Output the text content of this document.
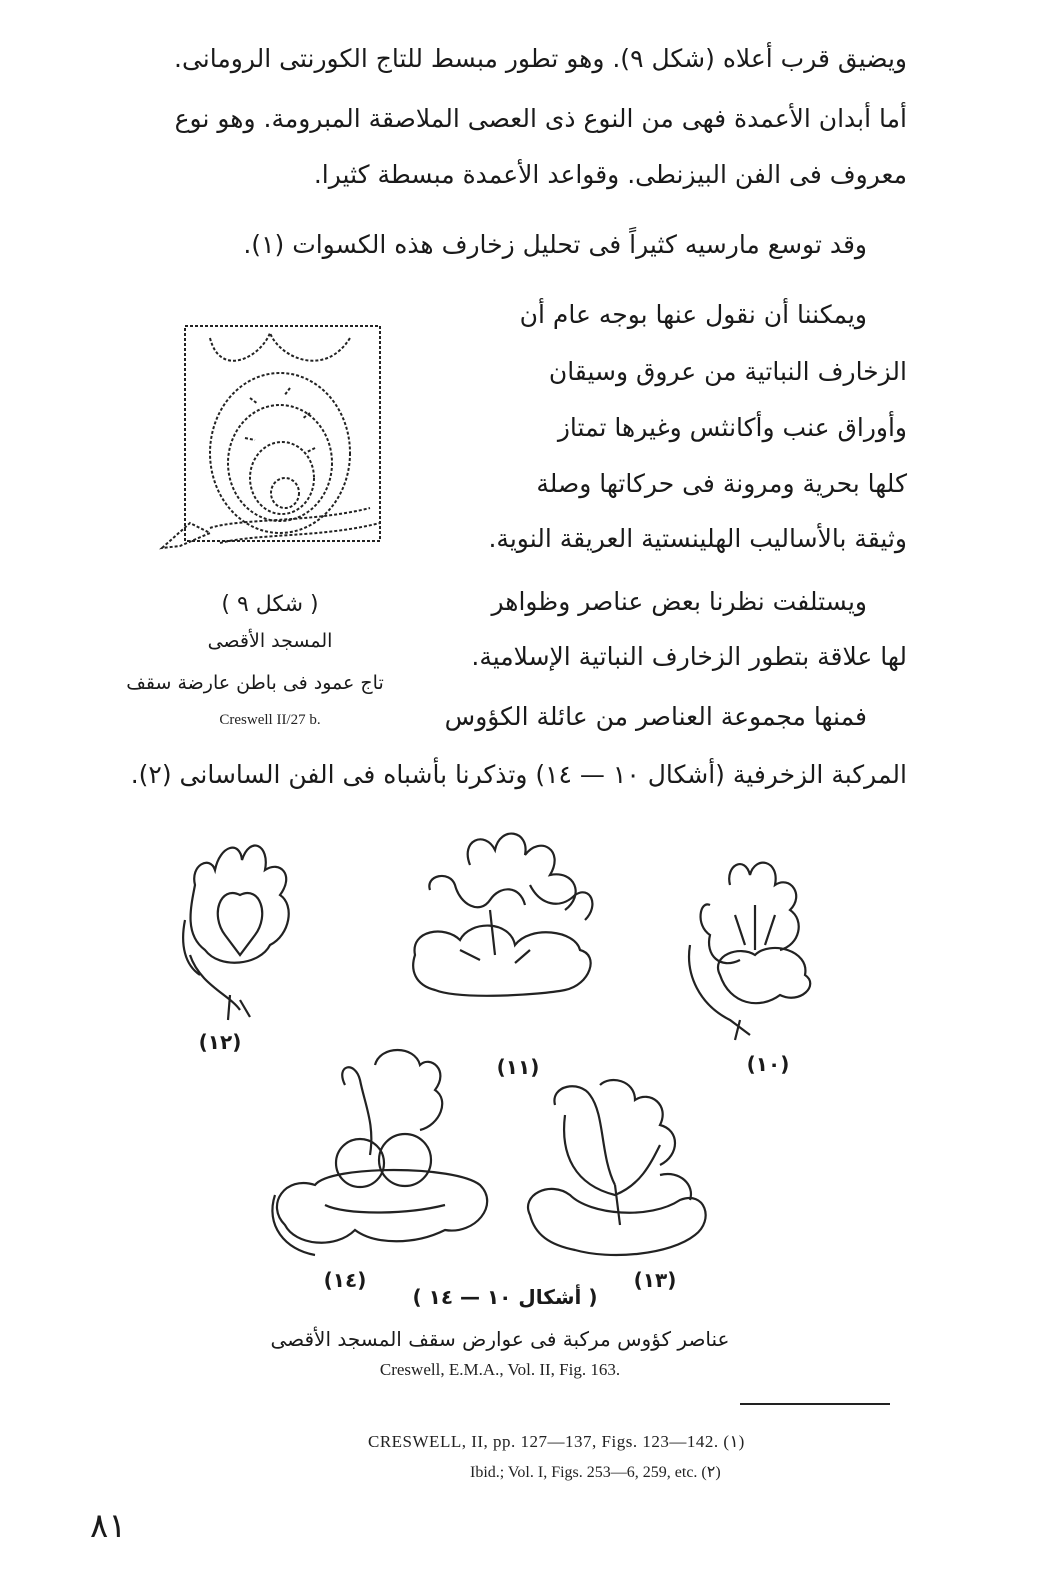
ويضيق قرب أعلاه (شكل ٩). وهو تطور مبسط للتاج الكورنتى الرومانى.
أما أبدان الأعمدة فهى من النوع ذى العصى الملاصقة المبرومة. وهو نوع
معروف فى الفن البيزنطى. وقواعد الأعمدة مبسطة كثيرا.
وقد توسع مارسيه كثيراً فى تحليل زخارف هذه الكسوات (١).
ويمكننا أن نقول عنها بوجه عام أن
الزخارف النباتية من عروق وسيقان
وأوراق عنب وأكانثس وغيرها تمتاز
كلها بحرية ومرونة فى حركاتها وصلة
وثيقة بالأساليب الهلينستية العريقة النوية.
ويستلفت نظرنا بعض عناصر وظواهر
لها علاقة بتطور الزخارف النباتية الإسلامية.
فمنها مجموعة العناصر من عائلة الكؤوس
المركبة الزخرفية (أشكال ١٠ — ١٤) وتذكرنا بأشباه فى الفن الساسانى (٢).
( شكل ٩ )
المسجد الأقصى
تاج عمود فى باطن عارضة سقف
Creswell II/27 b.
(١٢)
(١١)	(١٠)
(١٤)	(١٣)
( أشكال ١٠ — ١٤ )
عناصر كؤوس مركبة فى عوارض سقف المسجد الأقصى
Creswell, E.M.A., Vol. II, Fig. 163.
CRESWELL, II, pp. 127—137, Figs. 123—142. (١)
Ibid.; Vol. I, Figs. 253—6, 259, etc. (٢)
٨١
